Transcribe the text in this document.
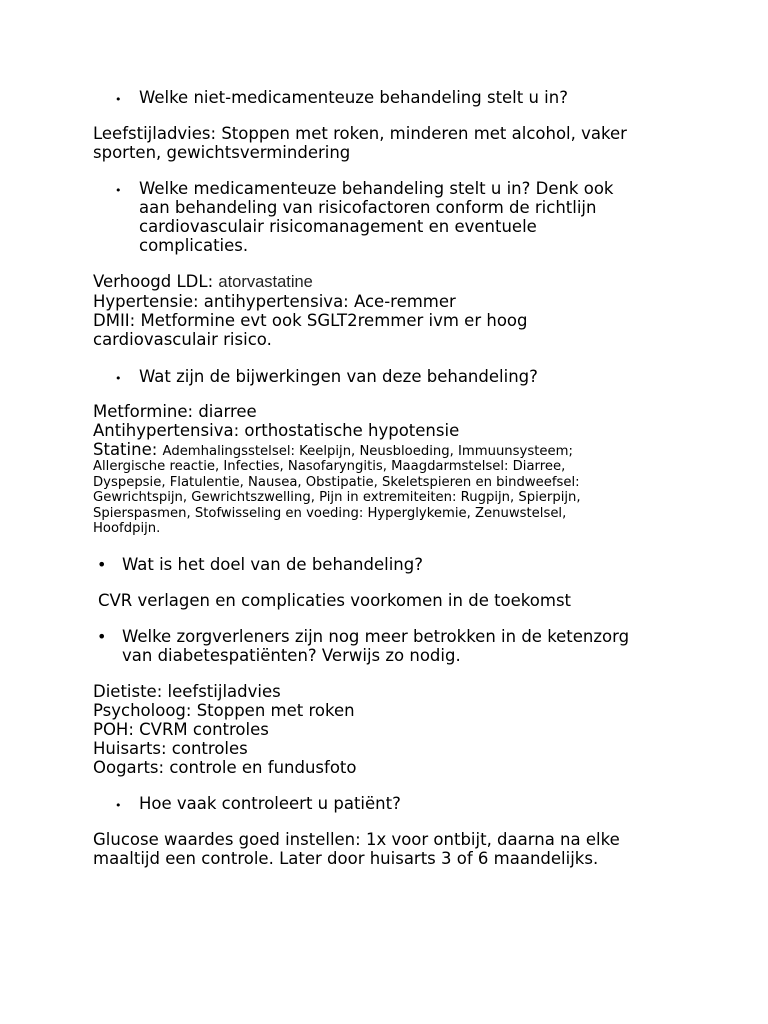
• Welke niet-medicamenteuze behandeling stelt u in?
Leefstijladvies: Stoppen met roken, minderen met alcohol, vaker
sporten, gewichtsvermindering
• Welke medicamenteuze behandeling stelt u in? Denk ook
aan behandeling van risicofactoren conform de richtlijn
cardiovasculair risicomanagement en eventuele
complicaties.
Verhoogd LDL: atorvastatine
Hypertensie: antihypertensiva: Ace-remmer
DMII: Metformine evt ook SGLT2remmer ivm er hoog
cardiovasculair risico.
• Wat zijn de bijwerkingen van deze behandeling?
Metformine: diarree
Antihypertensiva: orthostatische hypotensie
Statine: Ademhalingsstelsel: Keelpijn, Neusbloeding, Immuunsysteem;
Allergische reactie, Infecties, Nasofaryngitis, Maagdarmstelsel: Diarree,
Dyspepsie, Flatulentie, Nausea, Obstipatie, Skeletspieren en bindweefsel:
Gewrichtspijn, Gewrichtszwelling, Pijn in extremiteiten: Rugpijn, Spierpijn,
Spierspasmen, Stofwisseling en voeding: Hyperglykemie, Zenuwstelsel,
Hoofdpijn.
• Wat is het doel van de behandeling?
CVR verlagen en complicaties voorkomen in de toekomst
• Welke zorgverleners zijn nog meer betrokken in de ketenzorg
van diabetespatiënten? Verwijs zo nodig.
Dietiste: leefstijladvies
Psycholoog: Stoppen met roken
POH: CVRM controles
Huisarts: controles
Oogarts: controle en fundusfoto
• Hoe vaak controleert u patiënt?
Glucose waardes goed instellen: 1x voor ontbijt, daarna na elke
maaltijd een controle. Later door huisarts 3 of 6 maandelijks.
